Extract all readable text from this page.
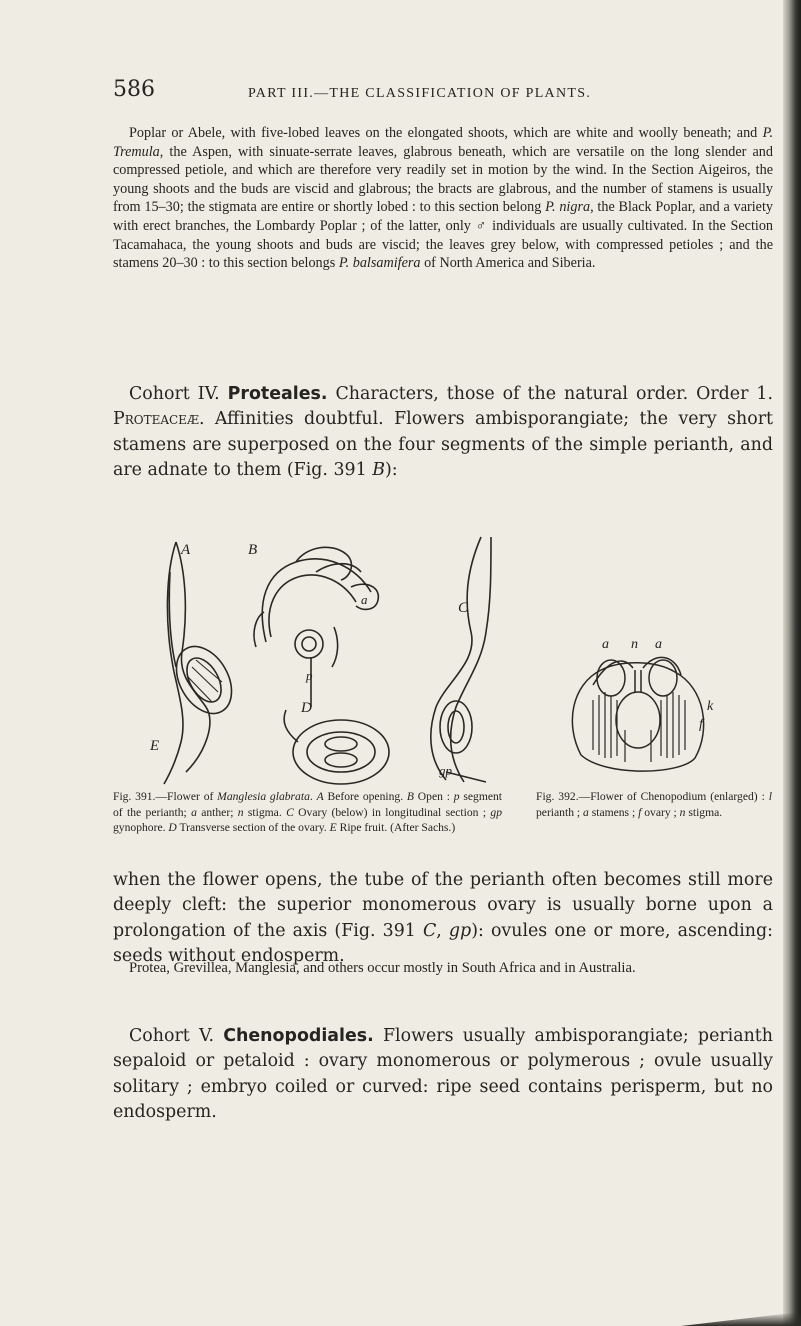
586	PART III.—THE CLASSIFICATION OF PLANTS.

Poplar or Abele, with five-lobed leaves on the elongated shoots, which are white and woolly beneath; and P. Tremula, the Aspen, with sinuate-serrate leaves, glabrous beneath, which are versatile on the long slender and compressed petiole, and which are therefore very readily set in motion by the wind. In the Section Aigeiros, the young shoots and the buds are viscid and glabrous; the bracts are glabrous, and the number of stamens is usually from 15–30; the stigmata are entire or shortly lobed : to this section belong P. nigra, the Black Poplar, and a variety with erect branches, the Lombardy Poplar ; of the latter, only ♂ individuals are usually cultivated. In the Section Tacamahaca, the young shoots and buds are viscid; the leaves grey below, with compressed petioles ; and the stamens 20–30 : to this section belongs P. balsamifera of North America and Siberia.

Cohort IV. Proteales. Characters, those of the natural order. Order 1. Proteaceæ. Affinities doubtful. Flowers ambisporangiate; the very short stamens are superposed on the four segments of the simple perianth, and are adnate to them (Fig. 391 B):

A	B
a
p
C
D
E
gp
a n a
k
f

Fig. 391.—Flower of Manglesia glabrata. A Before opening. B Open : p segment of the perianth; a anther; n stigma. C Ovary (below) in longitudinal section ; gp gynophore. D Transverse section of the ovary. E Ripe fruit. (After Sachs.)

Fig. 392.—Flower of Chenopodium (enlarged) : l perianth ; a stamens ; f ovary ; n stigma.

when the flower opens, the tube of the perianth often becomes still more deeply cleft: the superior monomerous ovary is usually borne upon a prolongation of the axis (Fig. 391 C, gp): ovules one or more, ascending: seeds without endosperm.

Protea, Grevillea, Manglesia, and others occur mostly in South Africa and in Australia.

Cohort V. Chenopodiales. Flowers usually ambisporangiate; perianth sepaloid or petaloid : ovary monomerous or polymerous ; ovule usually solitary ; embryo coiled or curved: ripe seed contains perisperm, but no endosperm.
